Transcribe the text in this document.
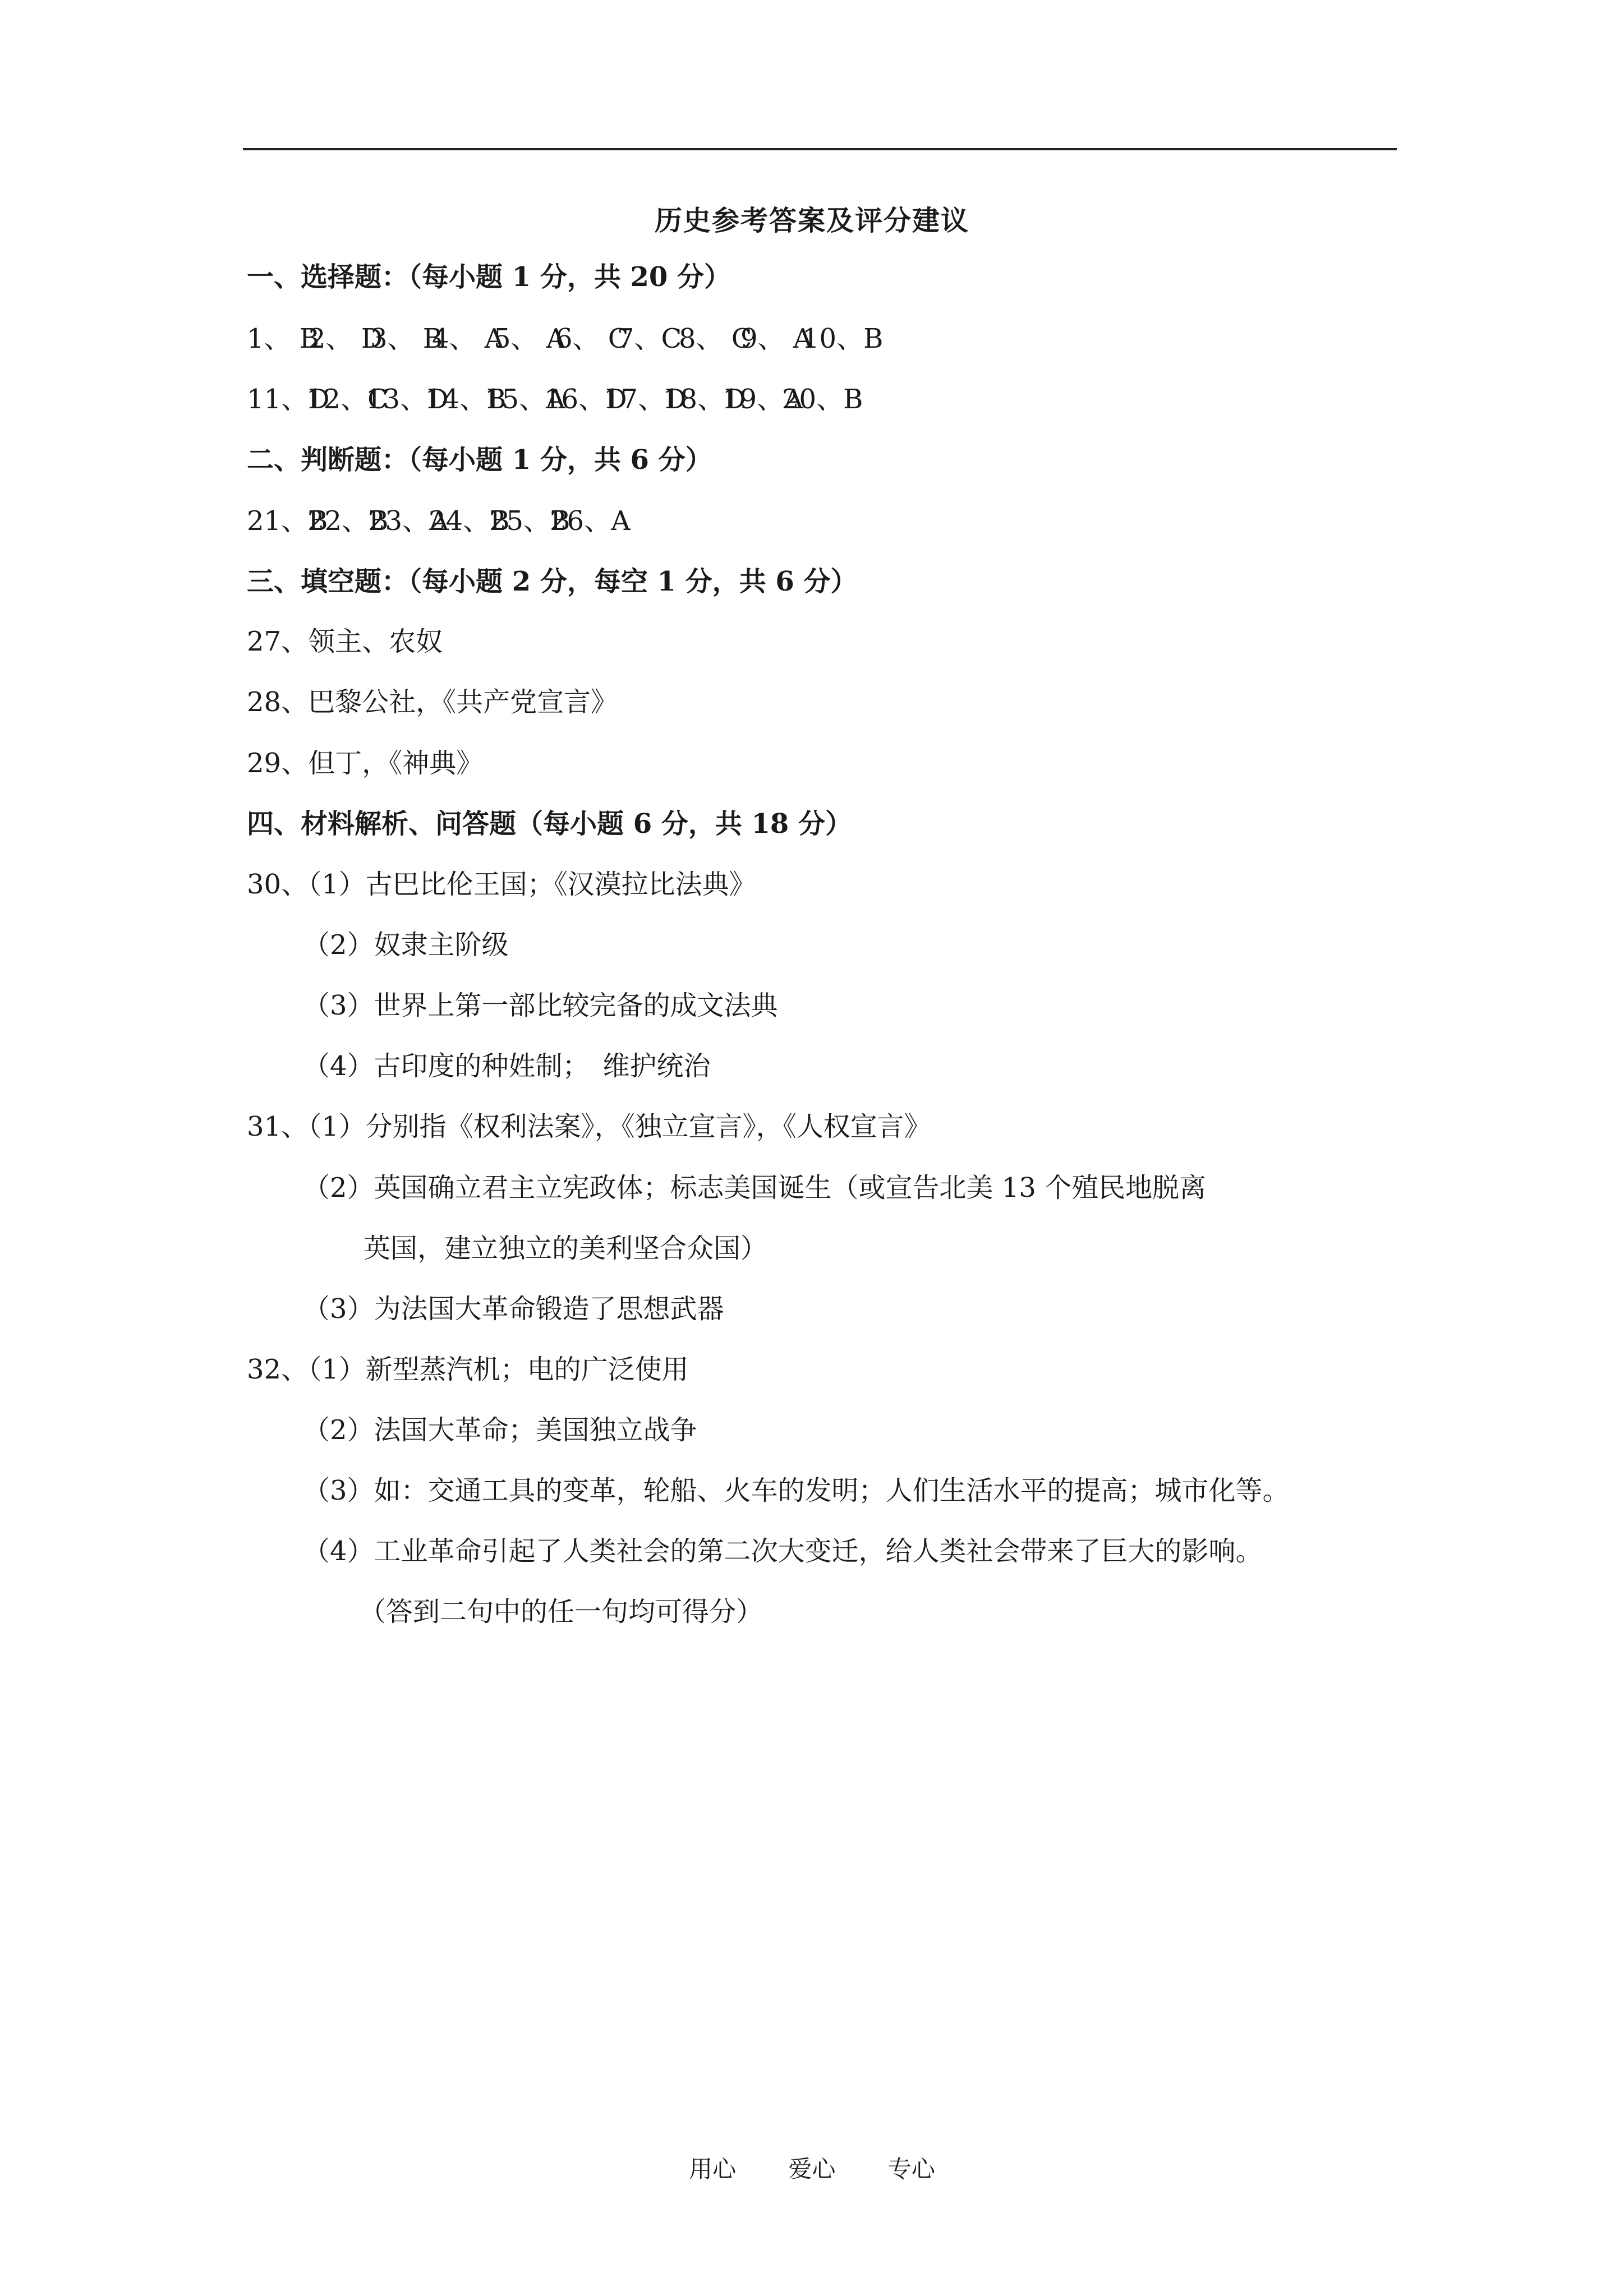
历史参考答案及评分建议
一、选择题：（每小题 1 分，共 20 分）
1、 B
2、 D
3、 B
4、 A
5、 A
6、 C
7、C
8、 C
9、 A
10、B
11、D
12、C
13、D
14、B
15、A
16、D
17、D
18、D
19、A
20、B
二、判断题：（每小题 1 分，共 6 分）
21、B
22、B
23、A
24、B
25、B
26、A
三、填空题：（每小题 2 分，每空 1 分，共 6 分）
27、领主、农奴
28、巴黎公社，《共产党宣言》
29、但丁，《神典》
四、材料解析、问答题（每小题 6 分，共 18 分）
30、（1）古巴比伦王国；《汉漠拉比法典》
（2）奴隶主阶级
（3）世界上第一部比较完备的成文法典
（4）古印度的种姓制；　维护统治
31、（1）分别指《权利法案》，《独立宣言》，《人权宣言》
（2）英国确立君主立宪政体；标志美国诞生（或宣告北美 13 个殖民地脱离
英国，建立独立的美利坚合众国）
（3）为法国大革命锻造了思想武器
32、（1）新型蒸汽机；电的广泛使用
（2）法国大革命；美国独立战争
（3）如：交通工具的变革，轮船、火车的发明；人们生活水平的提高；城市化等。
（4）工业革命引起了人类社会的第二次大变迁，给人类社会带来了巨大的影响。
（答到二句中的任一句均可得分）
用心 爱心 专心
